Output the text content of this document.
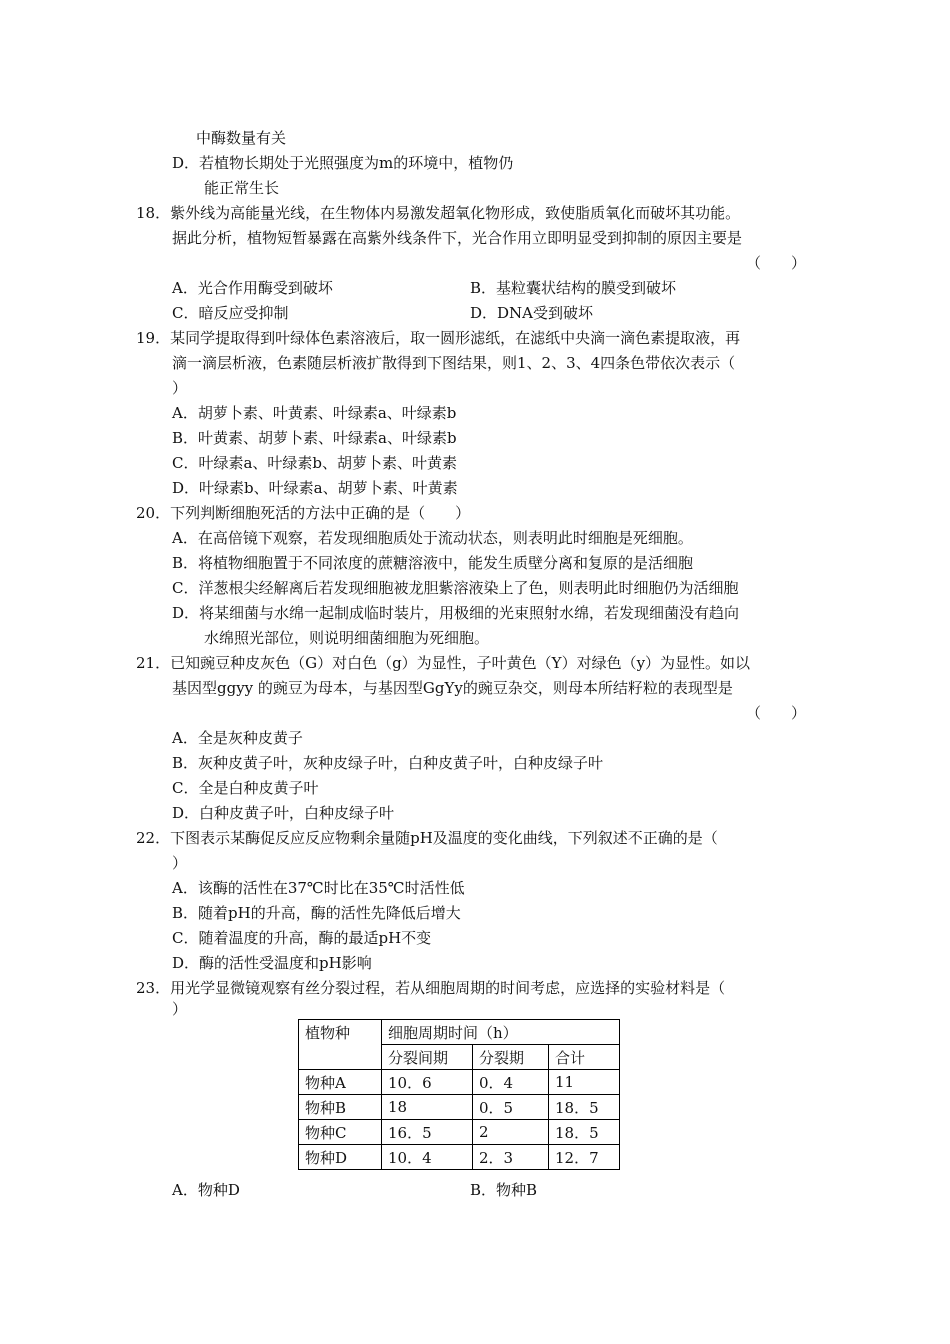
中酶数量有关
D．若植物长期处于光照强度为m的环境中，植物仍
能正常生长
18．紫外线为高能量光线，在生物体内易激发超氧化物形成，致使脂质氧化而破坏其功能。
据此分析，植物短暂暴露在高紫外线条件下，光合作用立即明显受到抑制的原因主要是
（　　）
A．光合作用酶受到破坏	B．基粒囊状结构的膜受到破坏
C．暗反应受抑制	D．DNA受到破坏
19．某同学提取得到叶绿体色素溶液后，取一圆形滤纸，在滤纸中央滴一滴色素提取液，再
滴一滴层析液，色素随层析液扩散得到下图结果，则1、2、3、4四条色带依次表示（
）
A．胡萝卜素、叶黄素、叶绿素a、叶绿素b
B．叶黄素、胡萝卜素、叶绿素a、叶绿素b
C．叶绿素a、叶绿素b、胡萝卜素、叶黄素
D．叶绿素b、叶绿素a、胡萝卜素、叶黄素
20．下列判断细胞死活的方法中正确的是（　　）
A．在高倍镜下观察，若发现细胞质处于流动状态，则表明此时细胞是死细胞。
B．将植物细胞置于不同浓度的蔗糖溶液中，能发生质壁分离和复原的是活细胞
C．洋葱根尖经解离后若发现细胞被龙胆紫溶液染上了色，则表明此时细胞仍为活细胞
D．将某细菌与水绵一起制成临时装片，用极细的光束照射水绵，若发现细菌没有趋向
水绵照光部位，则说明细菌细胞为死细胞。
21．已知豌豆种皮灰色（G）对白色（g）为显性，子叶黄色（Y）对绿色（y）为显性。如以
基因型ggyy 的豌豆为母本，与基因型GgYy的豌豆杂交，则母本所结籽粒的表现型是
（　　）
A．全是灰种皮黄子
B．灰种皮黄子叶，灰种皮绿子叶，白种皮黄子叶，白种皮绿子叶
C．全是白种皮黄子叶
D．白种皮黄子叶，白种皮绿子叶
22．下图表示某酶促反应反应物剩余量随pH及温度的变化曲线，下列叙述不正确的是（
）
A．该酶的活性在37℃时比在35℃时活性低
B．随着pH的升高，酶的活性先降低后增大
C．随着温度的升高，酶的最适pH不变
D．酶的活性受温度和pH影响
23．用光学显微镜观察有丝分裂过程，若从细胞周期的时间考虑，应选择的实验材料是（
）
植物种	细胞周期时间（h）		
	分裂间期	分裂期	合计
物种A	10．6	0．4	11
物种B	18	0．5	18．5
物种C	16．5	2	18．5
物种D	10．4	2．3	12．7
A．物种D	B．物种B
